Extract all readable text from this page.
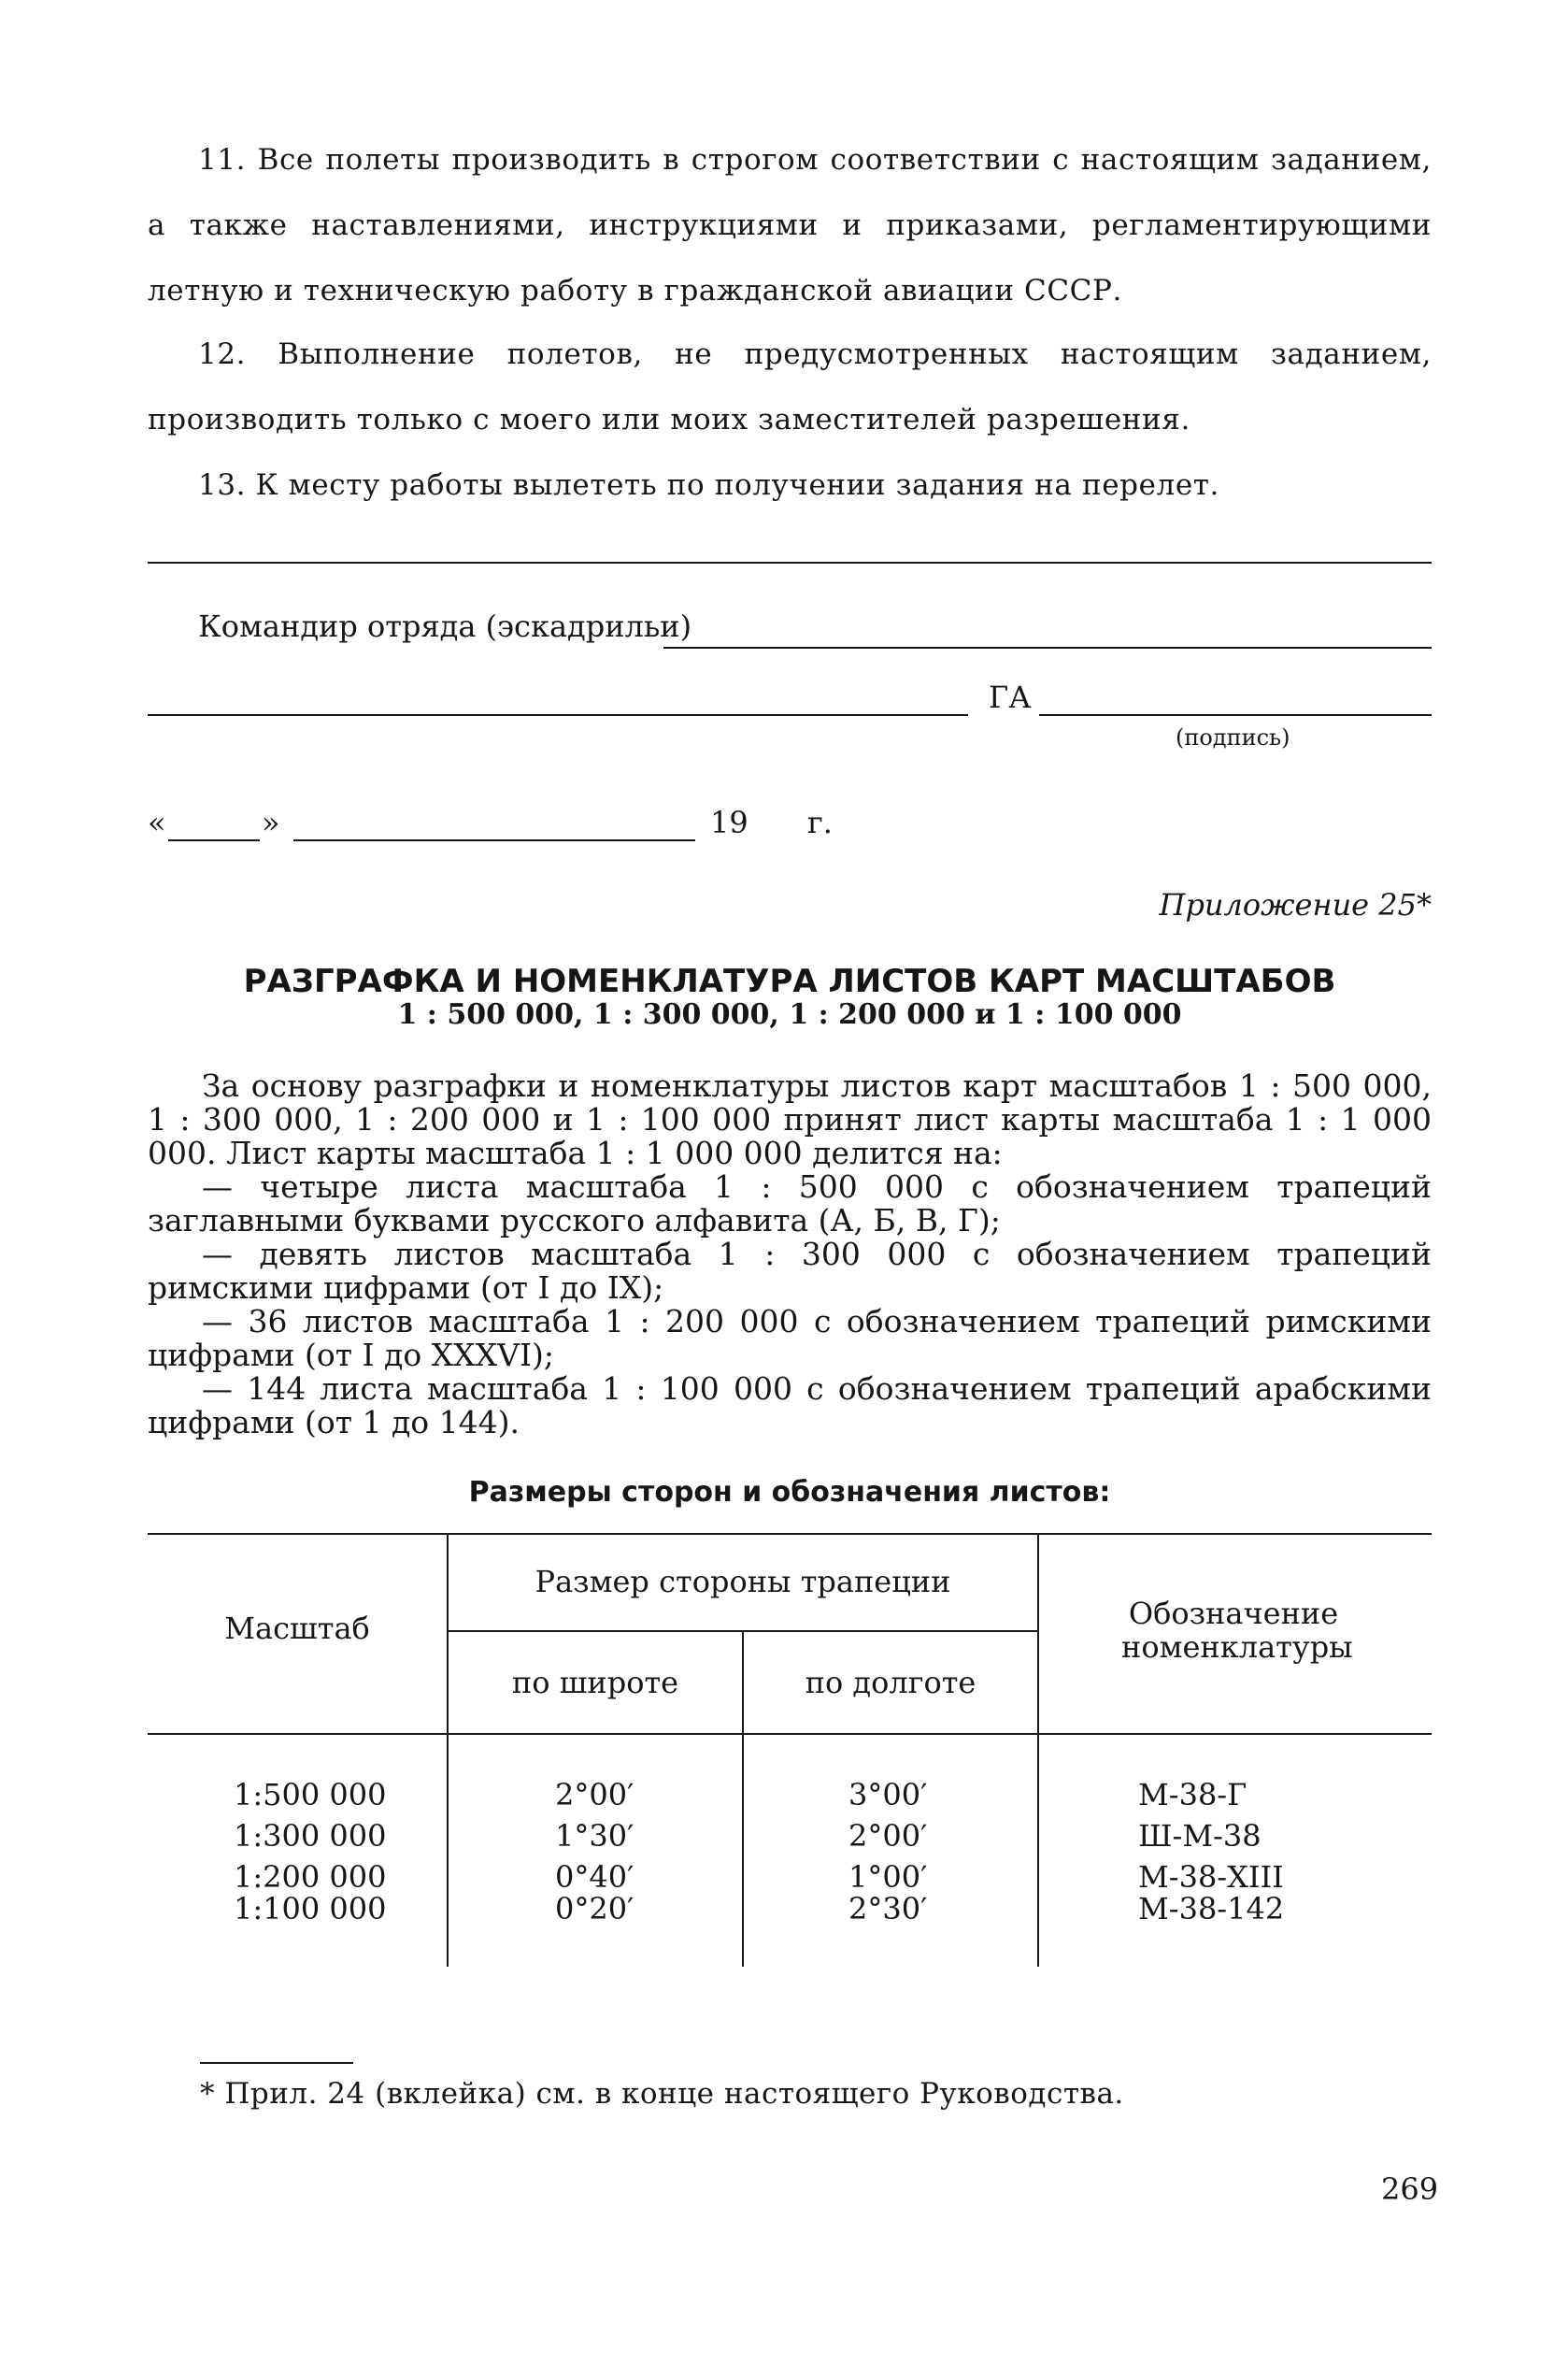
11. Все полеты производить в строгом соответствии с настоящим заданием, а также наставлениями, инструкциями и приказами, регламентирующими летную и техническую работу в гражданской авиации СССР.
12. Выполнение полетов, не предусмотренных настоящим заданием, производить только с моего или моих заместителей разрешения.
13. К месту работы вылететь по получении задания на перелет.
Командир отряда (эскадрильи)
ГА
(подпись)
«	»	19 г.
Приложение 25*
РАЗГРАФКА И НОМЕНКЛАТУРА ЛИСТОВ КАРТ МАСШТАБОВ
1 : 500 000, 1 : 300 000, 1 : 200 000 и 1 : 100 000
За основу разграфки и номенклатуры листов карт масштабов 1 : 500 000, 1 : 300 000, 1 : 200 000 и 1 : 100 000 принят лист карты масштаба 1 : 1 000 000. Лист карты масштаба 1 : 1 000 000 делится на:
— четыре листа масштаба 1 : 500 000 с обозначением трапеций заглавными буквами русского алфавита (А, Б, В, Г);
— девять листов масштаба 1 : 300 000 с обозначением трапеций римскими цифрами (от I до IX);
— 36 листов масштаба 1 : 200 000 с обозначением трапеций римскими цифрами (от I до XXXVI);
— 144 листа масштаба 1 : 100 000 с обозначением трапеций арабскими цифрами (от 1 до 144).
Размеры сторон и обозначения листов:
Масштаб
Размер стороны трапеции
по широте	по долготе
Обозначение номенклатуры
1:500 000	2°00′	3°00′	М-38-Г
1:300 000	1°30′	2°00′	Ш-М-38
1:200 000	0°40′	1°00′	М-38-XIII
1:100 000	0°20′	2°30′	М-38-142
* Прил. 24 (вклейка) см. в конце настоящего Руководства.
269
